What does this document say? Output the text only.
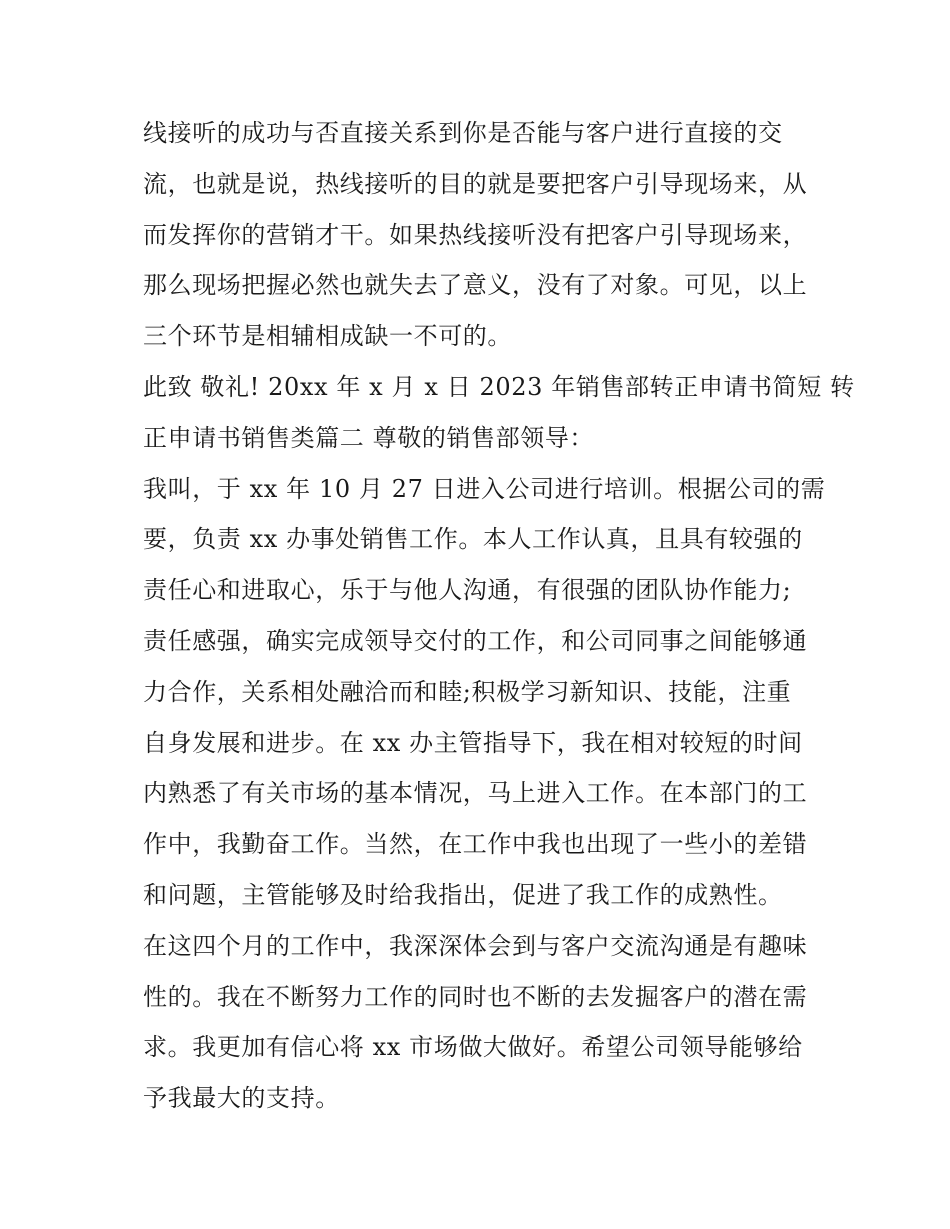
线接听的成功与否直接关系到你是否能与客户进行直接的交
流，也就是说，热线接听的目的就是要把客户引导现场来，从
而发挥你的营销才干。如果热线接听没有把客户引导现场来，
那么现场把握必然也就失去了意义，没有了对象。可见，以上
三个环节是相辅相成缺一不可的。
此致 敬礼! 20xx 年 x 月 x 日 2023 年销售部转正申请书简短 转
正申请书销售类篇二 尊敬的销售部领导：
我叫，于 xx 年 10 月 27 日进入公司进行培训。根据公司的需
要，负责 xx 办事处销售工作。本人工作认真，且具有较强的
责任心和进取心，乐于与他人沟通，有很强的团队协作能力;
责任感强，确实完成领导交付的工作，和公司同事之间能够通
力合作，关系相处融洽而和睦;积极学习新知识、技能，注重
自身发展和进步。在 xx 办主管指导下，我在相对较短的时间
内熟悉了有关市场的基本情况，马上进入工作。在本部门的工
作中，我勤奋工作。当然，在工作中我也出现了一些小的差错
和问题，主管能够及时给我指出，促进了我工作的成熟性。
在这四个月的工作中，我深深体会到与客户交流沟通是有趣味
性的。我在不断努力工作的同时也不断的去发掘客户的潜在需
求。我更加有信心将 xx 市场做大做好。希望公司领导能够给
予我最大的支持。
